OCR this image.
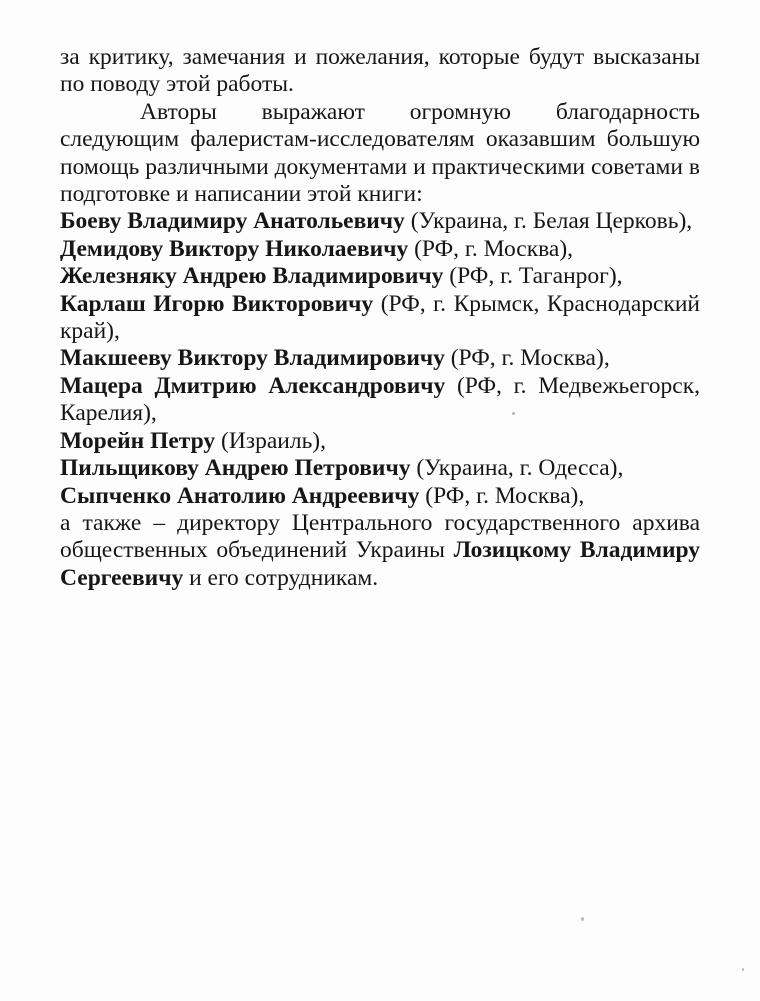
за критику, замечания и пожелания, которые будут высказаны по поводу этой работы.

Авторы выражают огромную благодарность следующим фалеристам-исследователям оказавшим большую помощь различными документами и практическими советами в подготовке и написании этой книги:

Боеву Владимиру Анатольевичу (Украина, г. Белая Церковь),

Демидову Виктору Николаевичу (РФ, г. Москва),

Железняку Андрею Владимировичу (РФ, г. Таганрог),

Карлаш Игорю Викторовичу (РФ, г. Крымск, Краснодарский край),

Макшееву Виктору Владимировичу (РФ, г. Москва),

Мацера Дмитрию Александровичу (РФ, г. Медвежьегорск, Карелия),

Морейн Петру (Израиль),

Пильщикову Андрею Петровичу (Украина, г. Одесса),

Сыпченко Анатолию Андреевичу (РФ, г. Москва),

а также – директору Центрального государственного архива общественных объединений Украины Лозицкому Владимиру Сергеевичу и его сотрудникам.
